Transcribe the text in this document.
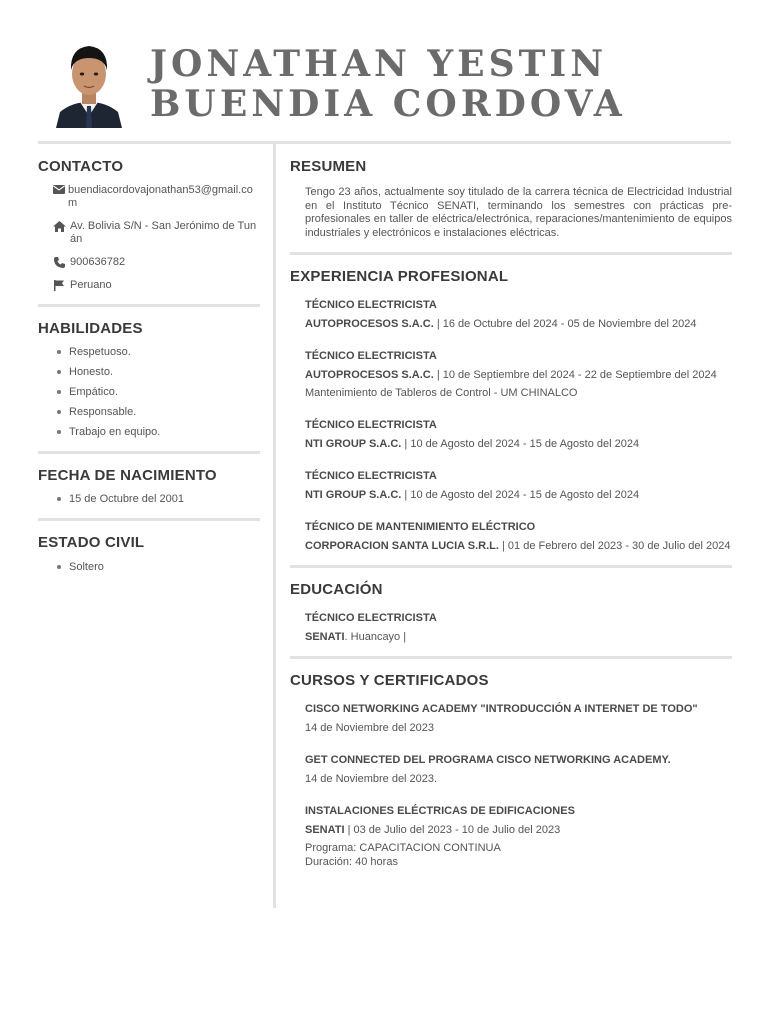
JONATHAN YESTIN
BUENDIA CORDOVA
CONTACTO
buendiacordovajonathan53@gmail.com
Av. Bolivia S/N - San Jerónimo de Tunán
900636782
Peruano
HABILIDADES
Respetuoso.
Honesto.
Empático.
Responsable.
Trabajo en equipo.
FECHA DE NACIMIENTO
15 de Octubre del 2001
ESTADO CIVIL
Soltero
RESUMEN
Tengo 23 años, actualmente soy titulado de la carrera técnica de Electricidad Industrial en el Instituto Técnico SENATI, terminando los semestres con prácticas pre-profesionales en taller de eléctrica/electrónica, reparaciones/mantenimiento de equipos industriales y electrónicos e instalaciones eléctricas.
EXPERIENCIA PROFESIONAL
TÉCNICO ELECTRICISTA
AUTOPROCESOS S.A.C. | 16 de Octubre del 2024 - 05 de Noviembre del 2024
TÉCNICO ELECTRICISTA
AUTOPROCESOS S.A.C. | 10 de Septiembre del 2024 - 22 de Septiembre del 2024
Mantenimiento de Tableros de Control - UM CHINALCO
TÉCNICO ELECTRICISTA
NTI GROUP S.A.C. | 10 de Agosto del 2024 - 15 de Agosto del 2024
TÉCNICO ELECTRICISTA
NTI GROUP S.A.C. | 10 de Agosto del 2024 - 15 de Agosto del 2024
TÉCNICO DE MANTENIMIENTO ELÉCTRICO
CORPORACION SANTA LUCIA S.R.L. | 01 de Febrero del 2023 - 30 de Julio del 2024
EDUCACIÓN
TÉCNICO ELECTRICISTA
SENATI. Huancayo |
CURSOS Y CERTIFICADOS
CISCO NETWORKING ACADEMY "INTRODUCCIÓN A INTERNET DE TODO"
14 de Noviembre del 2023
GET CONNECTED DEL PROGRAMA CISCO NETWORKING ACADEMY.
14 de Noviembre del 2023.
INSTALACIONES ELÉCTRICAS DE EDIFICACIONES
SENATI | 03 de Julio del 2023 - 10 de Julio del 2023
Programa: CAPACITACION CONTINUA
Duración: 40 horas
